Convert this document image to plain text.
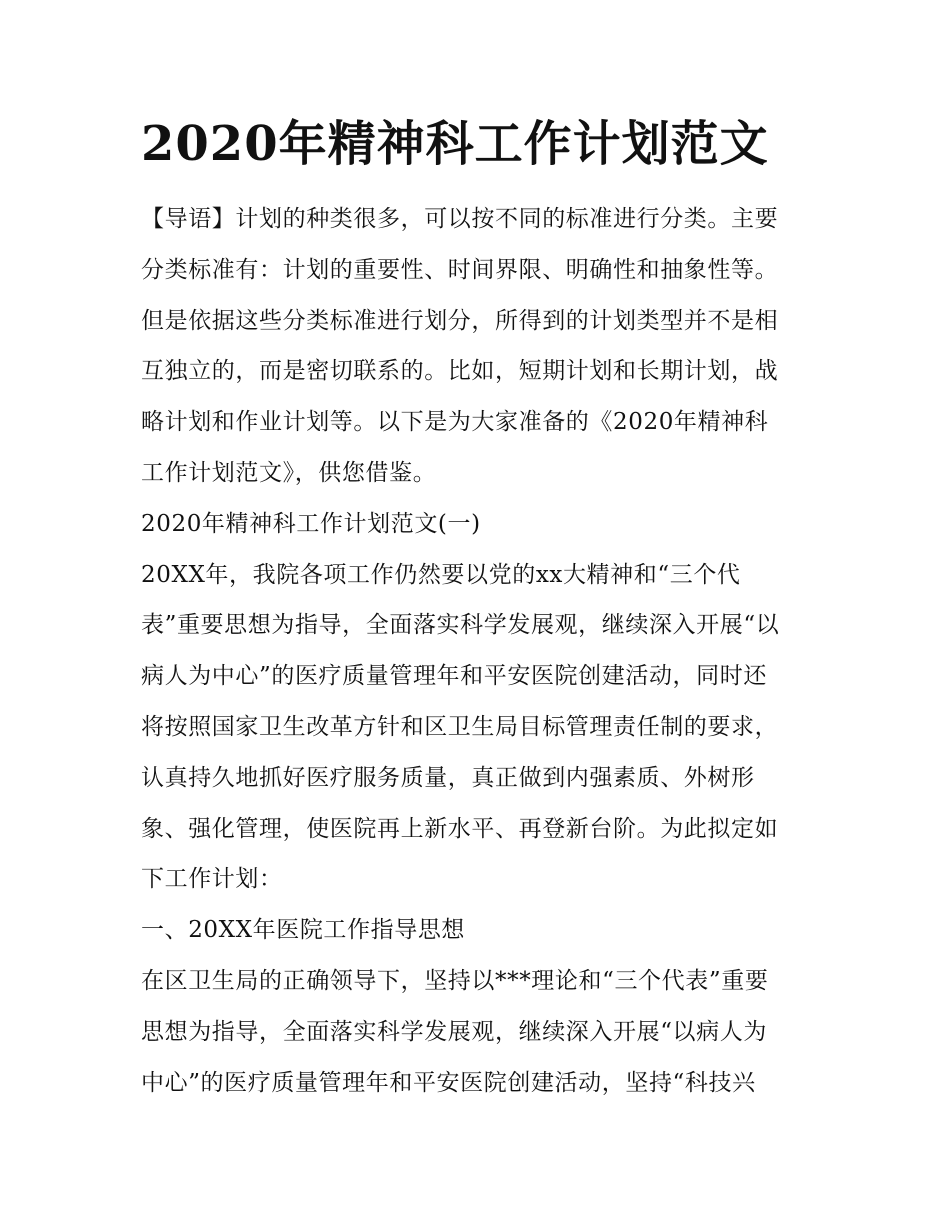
2020年精神科工作计划范文
【导语】计划的种类很多，可以按不同的标准进行分类。主要
分类标准有：计划的重要性、时间界限、明确性和抽象性等。
但是依据这些分类标准进行划分，所得到的计划类型并不是相
互独立的，而是密切联系的。比如，短期计划和长期计划，战
略计划和作业计划等。以下是为大家准备的《2020年精神科
工作计划范文》，供您借鉴。
2020年精神科工作计划范文(一)
20XX年，我院各项工作仍然要以党的xx大精神和“三个代
表”重要思想为指导，全面落实科学发展观，继续深入开展“以
病人为中心”的医疗质量管理年和平安医院创建活动，同时还
将按照国家卫生改革方针和区卫生局目标管理责任制的要求，
认真持久地抓好医疗服务质量，真正做到内强素质、外树形
象、强化管理，使医院再上新水平、再登新台阶。为此拟定如
下工作计划：
一、20XX年医院工作指导思想
在区卫生局的正确领导下，坚持以***理论和“三个代表”重要
思想为指导，全面落实科学发展观，继续深入开展“以病人为
中心”的医疗质量管理年和平安医院创建活动，坚持“科技兴
